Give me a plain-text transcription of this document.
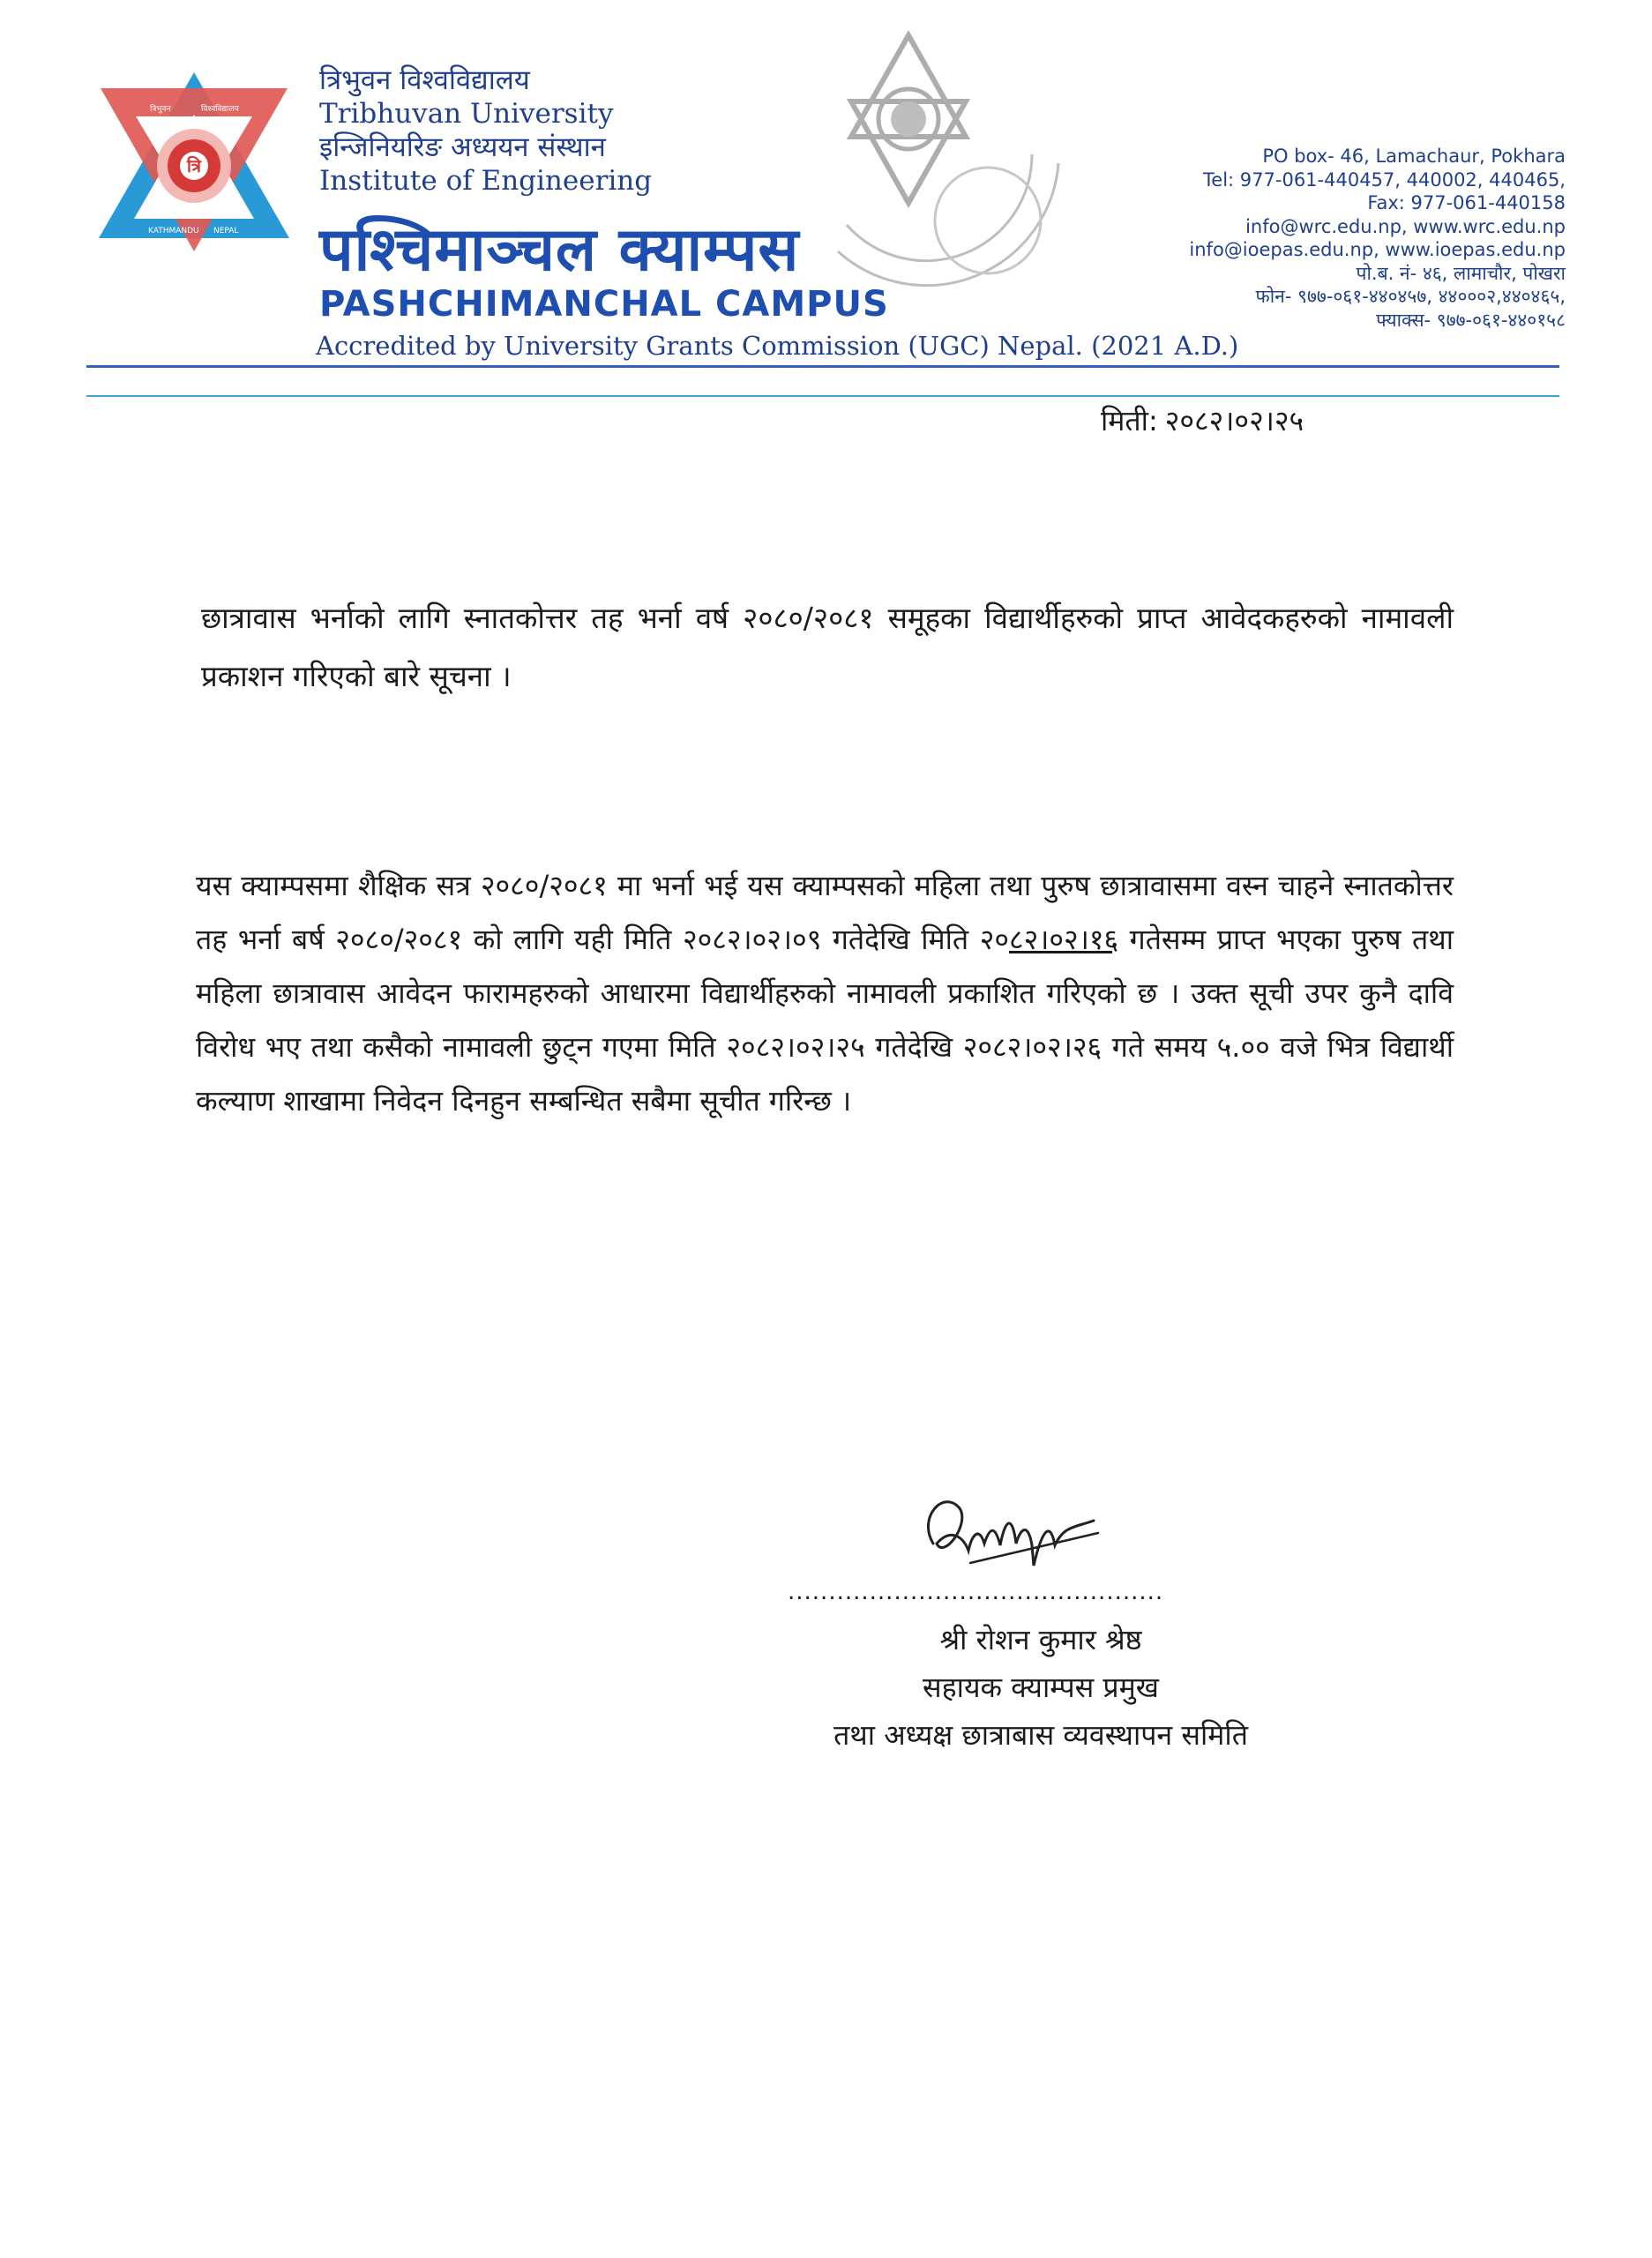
त्रि
त्रिभुवन	विश्वविद्यालय
KATHMANDU NEPAL
त्रिभुवन विश्वविद्यालय
Tribhuvan University
इन्जिनियरिङ अध्ययन संस्थान
Institute of Engineering
पश्चिमाञ्चल क्याम्पस
PASHCHIMANCHAL CAMPUS
Accredited by University Grants Commission (UGC) Nepal. (2021 A.D.)
PO box- 46, Lamachaur, Pokhara
Tel: 977-061-440457, 440002, 440465,
Fax: 977-061-440158
info@wrc.edu.np, www.wrc.edu.np
info@ioepas.edu.np, www.ioepas.edu.np
पो.ब. नं- ४६, लामाचौर, पोखरा
फोन- ९७७-०६१-४४०४५७, ४४०००२,४४०४६५,
फ्याक्स- ९७७-०६१-४४०१५८
मिती: २०८२।०२।२५
छात्रावास भर्नाको लागि स्नातकोत्तर तह भर्ना वर्ष २०८०/२०८१ समूहका विद्यार्थीहरुको प्राप्त आवेदकहरुको नामावली प्रकाशन गरिएको बारे सूचना ।
यस क्याम्पसमा शैक्षिक सत्र २०८०/२०८१ मा भर्ना भई यस क्याम्पसको महिला तथा पुरुष छात्रावासमा वस्न चाहने स्नातकोत्तर तह भर्ना बर्ष २०८०/२०८१ को लागि यही मिति २०८२।०२।०९ गतेदेखि मिति २०८२।०२।१६ गतेसम्म प्राप्त भएका पुरुष तथा महिला छात्रावास आवेदन फारामहरुको आधारमा विद्यार्थीहरुको नामावली प्रकाशित गरिएको छ । उक्त सूची उपर कुनै दावि विरोध भए तथा कसैको नामावली छुट्न गएमा मिति २०८२।०२।२५ गतेदेखि २०८२।०२।२६ गते समय ५.०० वजे भित्र विद्यार्थी कल्याण शाखामा निवेदन दिनहुन सम्बन्धित सबैमा सूचीत गरिन्छ ।
..............................................
श्री रोशन कुमार श्रेष्ठ
सहायक क्याम्पस प्रमुख
तथा अध्यक्ष छात्राबास व्यवस्थापन समिति
